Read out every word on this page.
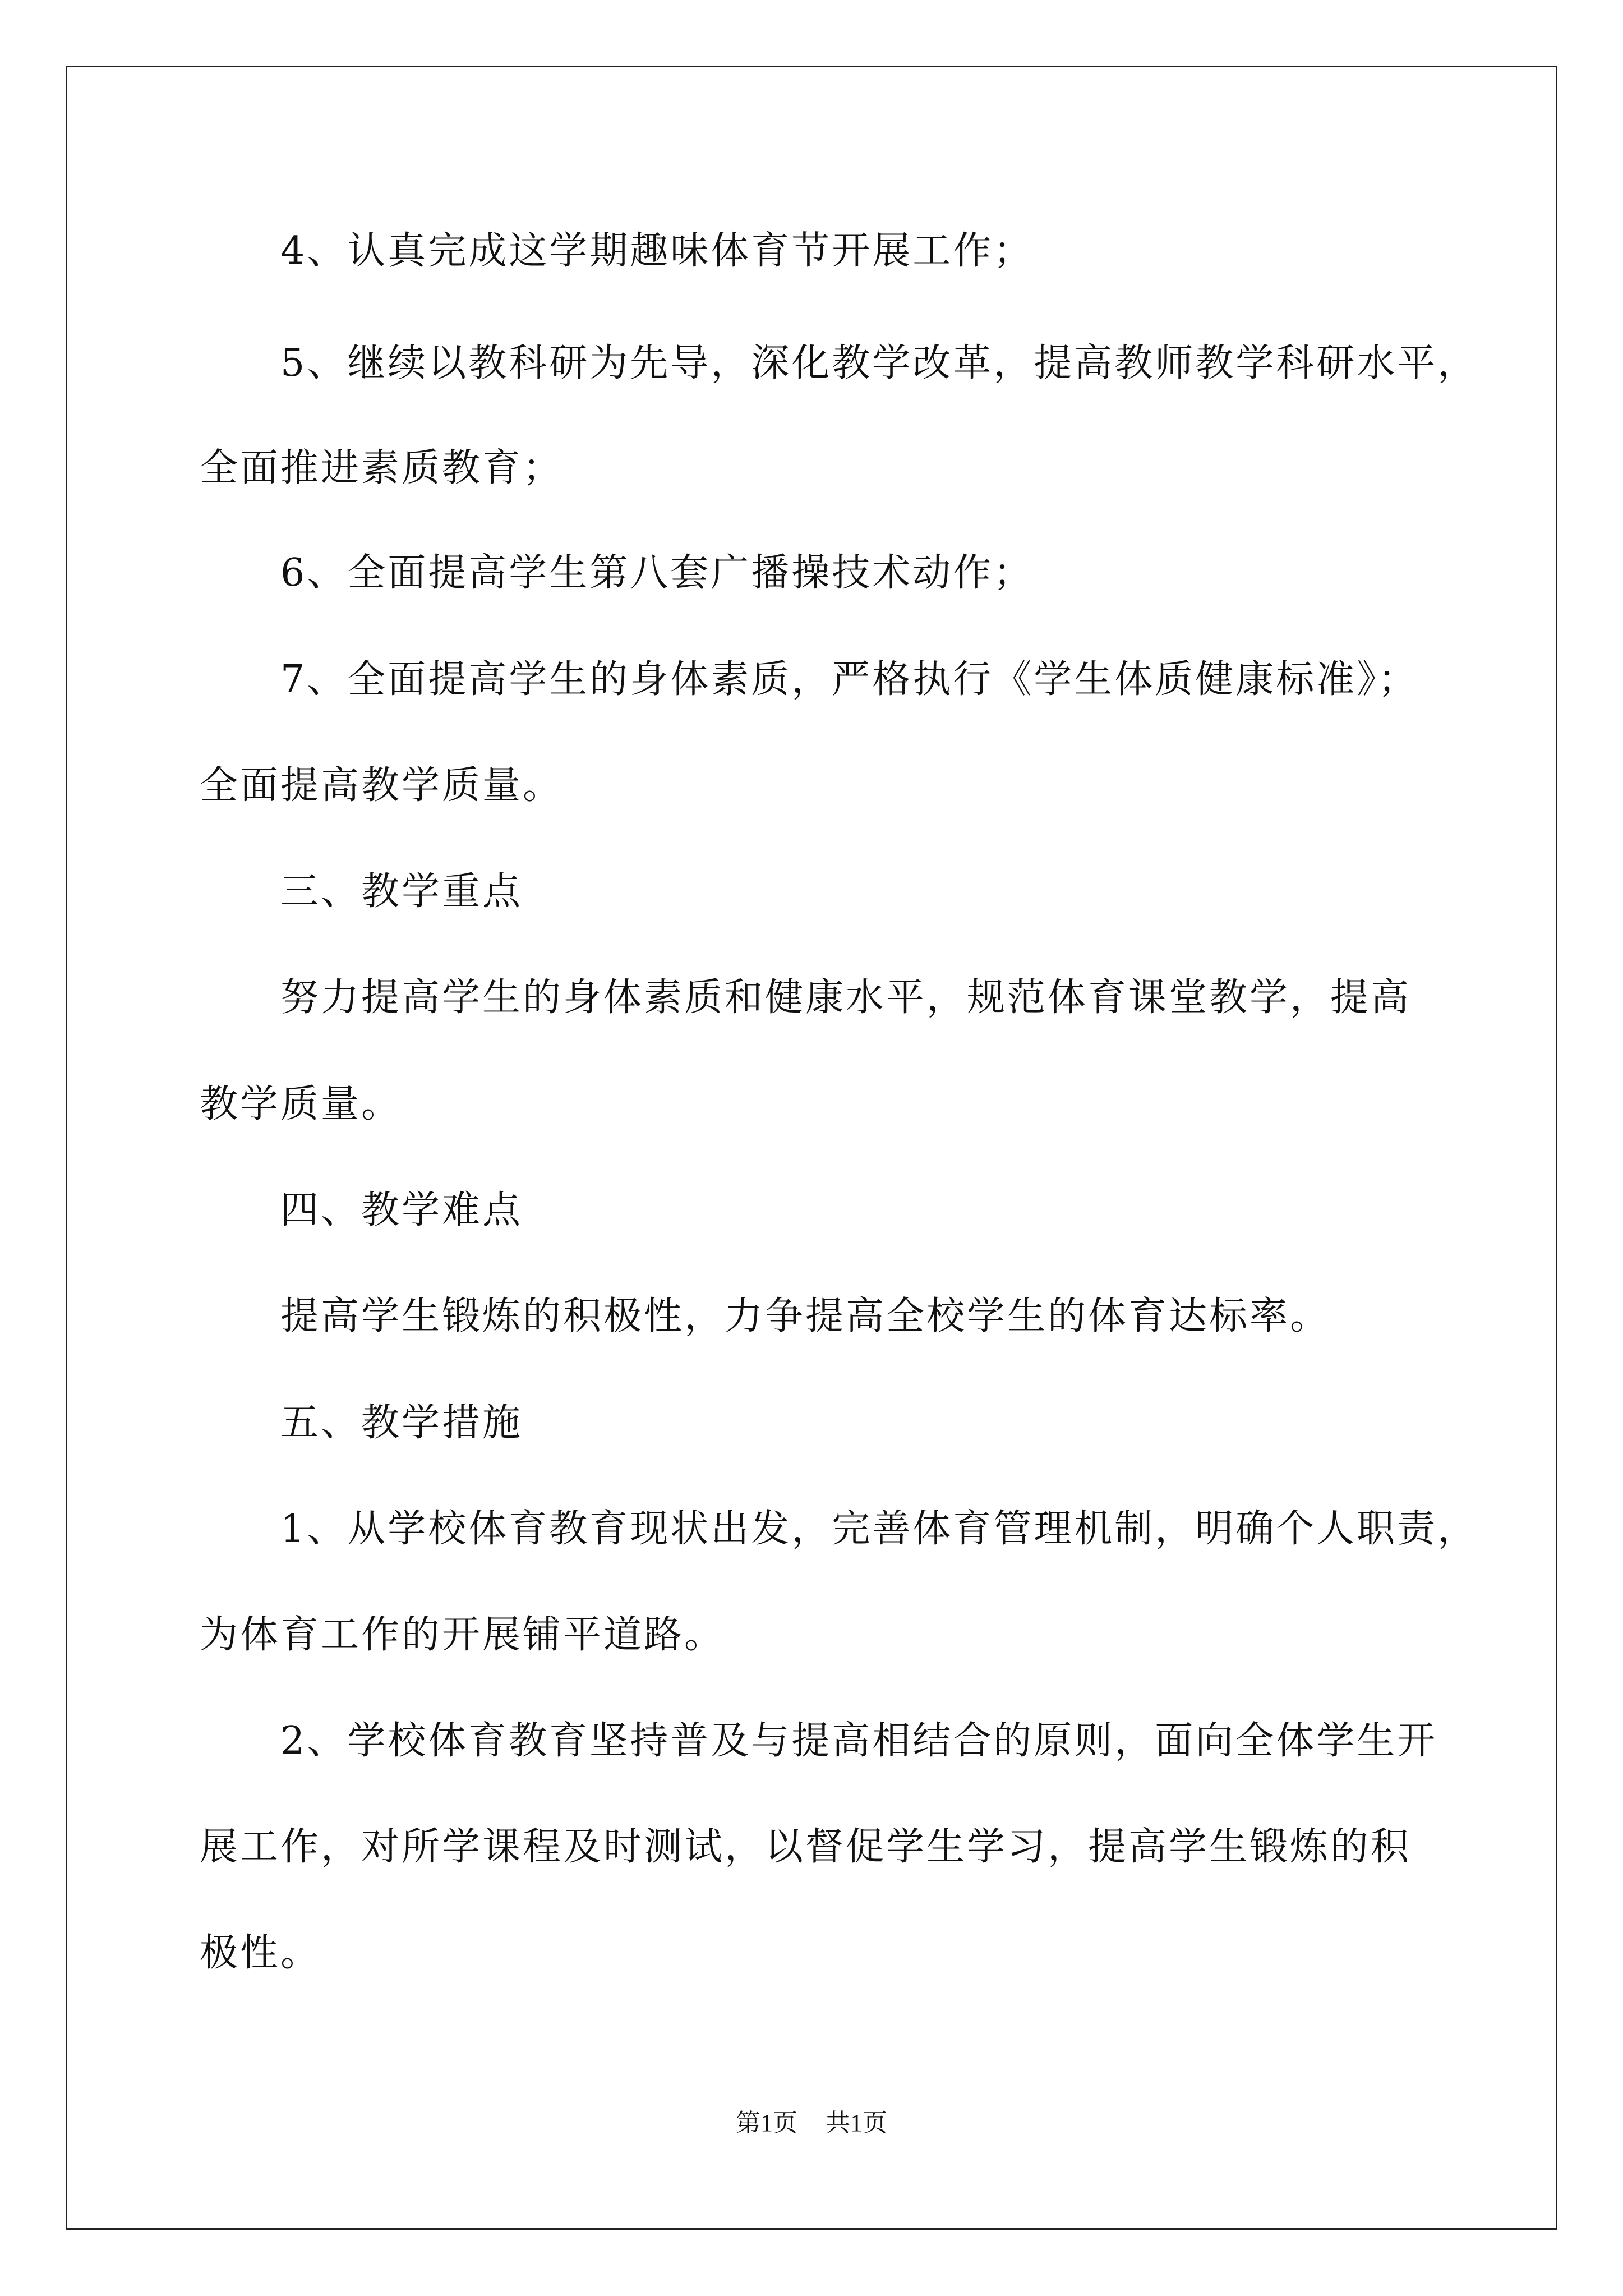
4、认真完成这学期趣味体育节开展工作；
5、继续以教科研为先导，深化教学改革，提高教师教学科研水平，
全面推进素质教育；
6、全面提高学生第八套广播操技术动作；
7、全面提高学生的身体素质，严格执行《学生体质健康标准》；
全面提高教学质量。
三、教学重点
努力提高学生的身体素质和健康水平，规范体育课堂教学，提高
教学质量。
四、教学难点
提高学生锻炼的积极性，力争提高全校学生的体育达标率。
五、教学措施
1、从学校体育教育现状出发，完善体育管理机制，明确个人职责，
为体育工作的开展铺平道路。
2、学校体育教育坚持普及与提高相结合的原则，面向全体学生开
展工作，对所学课程及时测试，以督促学生学习，提高学生锻炼的积
极性。
第1页 共1页
